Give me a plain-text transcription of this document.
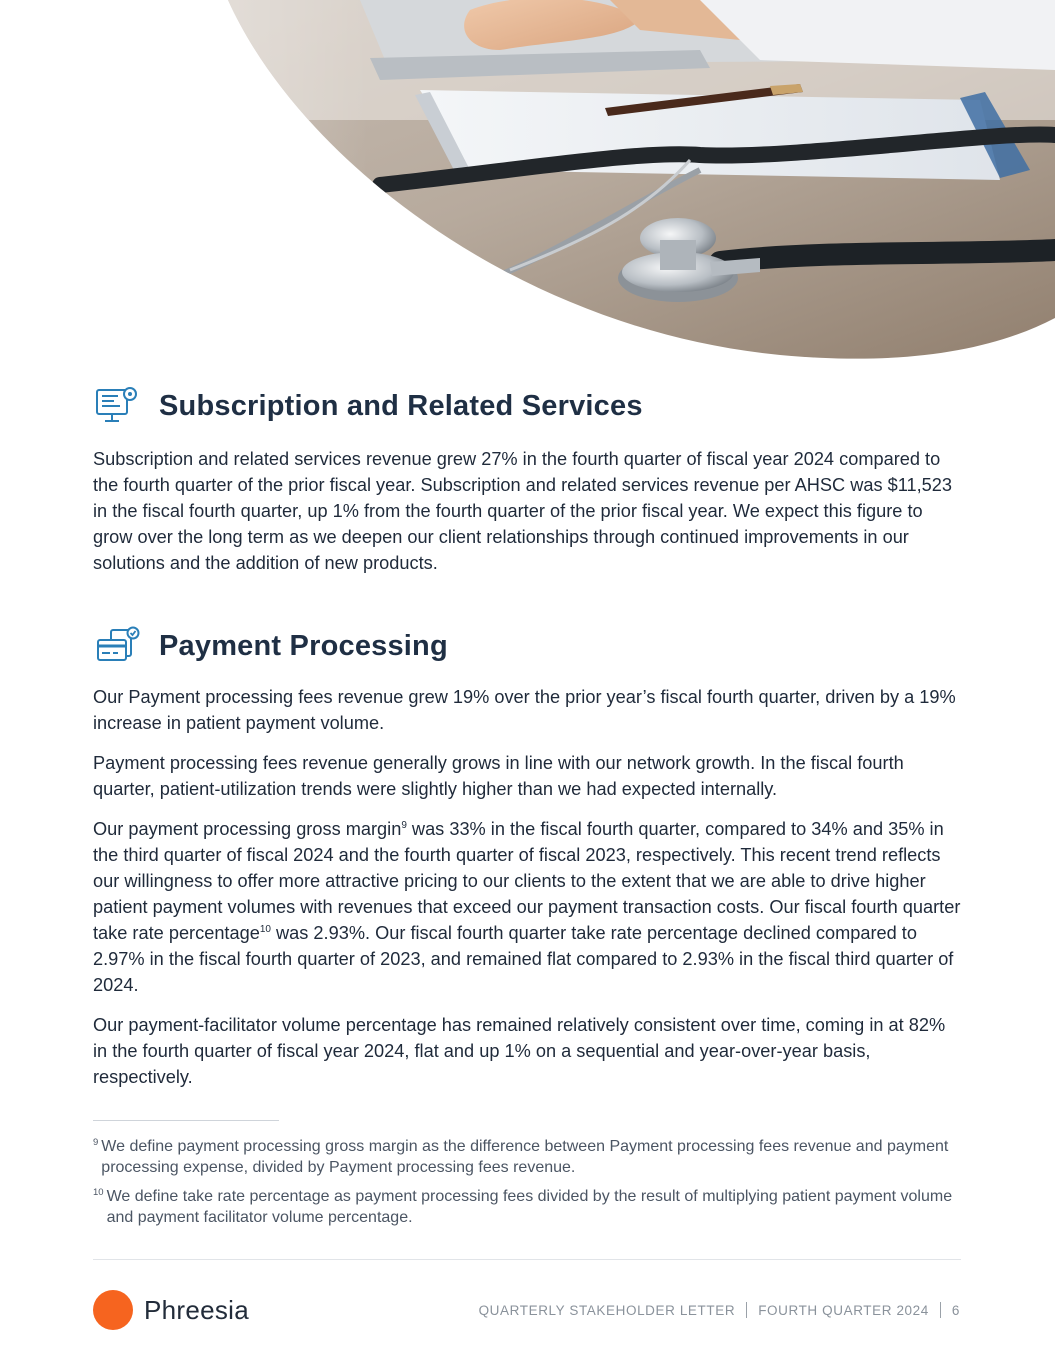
Subscription and Related Services

Subscription and related services revenue grew 27% in the fourth quarter of fiscal year 2024 compared to the fourth quarter of the prior fiscal year. Subscription and related services revenue per AHSC was $11,523 in the fiscal fourth quarter, up 1% from the fourth quarter of the prior fiscal year. We expect this figure to grow over the long term as we deepen our client relationships through continued improvements in our solutions and the addition of new products.

Payment Processing

Our Payment processing fees revenue grew 19% over the prior year’s fiscal fourth quarter, driven by a 19% increase in patient payment volume.

Payment processing fees revenue generally grows in line with our network growth. In the fiscal fourth quarter, patient-utilization trends were slightly higher than we had expected internally.

Our payment processing gross margin$^9$ was 33% in the fiscal fourth quarter, compared to 34% and 35% in the third quarter of fiscal 2024 and the fourth quarter of fiscal 2023, respectively. This recent trend reflects our willingness to offer more attractive pricing to our clients to the extent that we are able to drive higher patient payment volumes with revenues that exceed our payment transaction costs. Our fiscal fourth quarter take rate percentage$^{10}$ was 2.93%. Our fiscal fourth quarter take rate percentage declined compared to 2.97% in the fiscal fourth quarter of 2023, and remained flat compared to 2.93% in the fiscal third quarter of 2024.

Our payment-facilitator volume percentage has remained relatively consistent over time, coming in at 82% in the fourth quarter of fiscal year 2024, flat and up 1% on a sequential and year-over-year basis, respectively.

9 We define payment processing gross margin as the difference between Payment processing fees revenue and payment processing expense, divided by Payment processing fees revenue.
10 We define take rate percentage as payment processing fees divided by the result of multiplying patient payment volume and payment facilitator volume percentage.
Phreesia	QUARTERLY STAKEHOLDER LETTER FOURTH QUARTER 2024 6
